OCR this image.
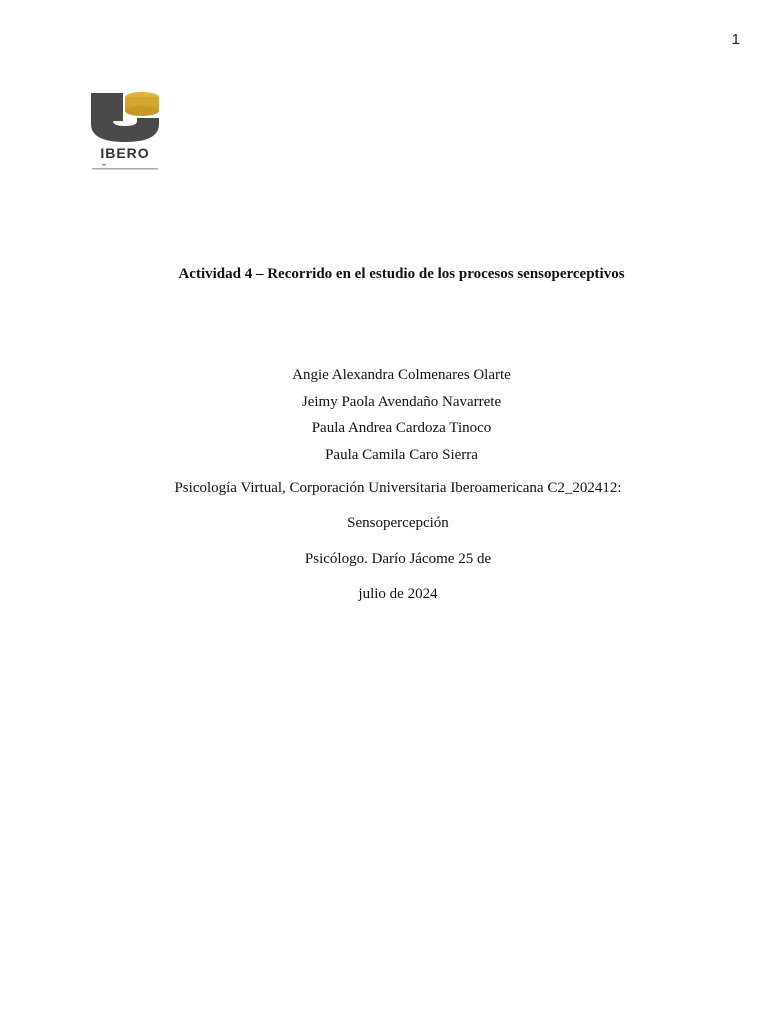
1
IBERO
Actividad 4 – Recorrido en el estudio de los procesos sensoperceptivos
Angie Alexandra Colmenares Olarte
Jeimy Paola Avendaño Navarrete
Paula Andrea Cardoza Tinoco
Paula Camila Caro Sierra
Psicología Virtual, Corporación Universitaria Iberoamericana C2_202412:
Sensopercepción
Psicólogo. Darío Jácome 25 de
julio de 2024
